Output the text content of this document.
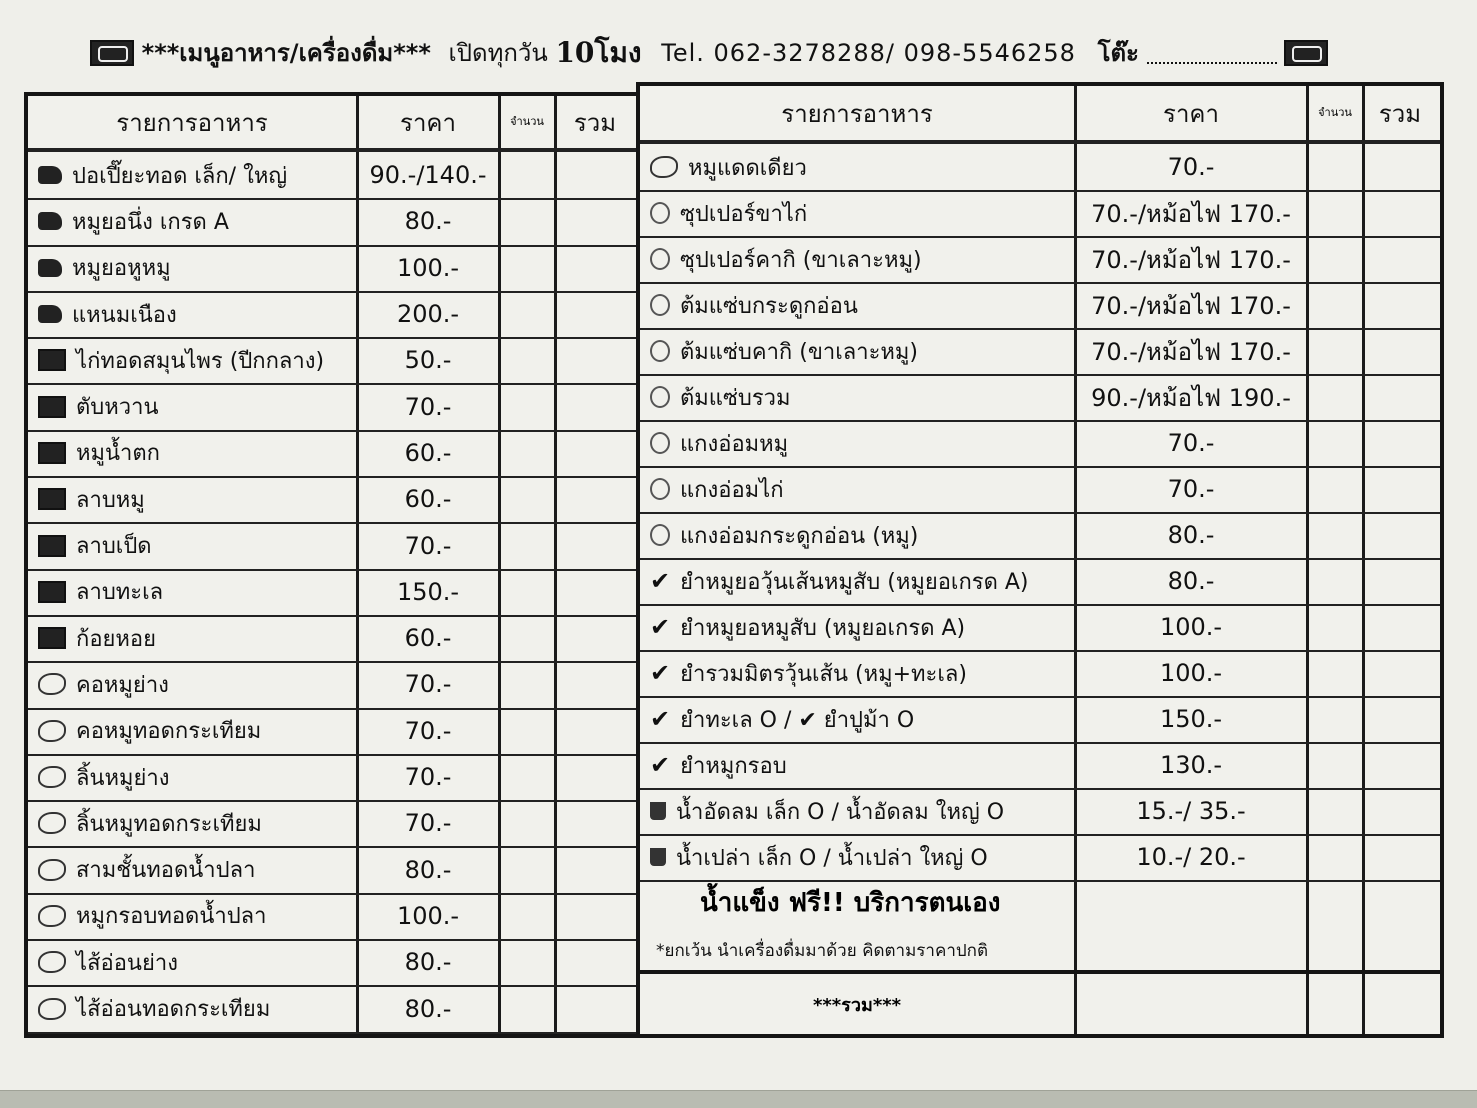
***เมนูอาหาร/เครื่องดื่ม*** เปิดทุกวัน 10โมง Tel. 062-3278288/ 098-5546258 โต๊ะ
รายการอาหาร	ราคา	จำนวน	รวม
ปอเปี๊ยะทอด เล็ก/ ใหญ่	90.-/140.-
หมูยอนึ่ง เกรด A	80.-
หมูยอหูหมู	100.-
แหนมเนือง	200.-
ไก่ทอดสมุนไพร (ปีกกลาง)	50.-
ตับหวาน	70.-
หมูน้ำตก	60.-
ลาบหมู	60.-
ลาบเป็ด	70.-
ลาบทะเล	150.-
ก้อยหอย	60.-
คอหมูย่าง	70.-
คอหมูทอดกระเทียม	70.-
ลิ้นหมูย่าง	70.-
ลิ้นหมูทอดกระเทียม	70.-
สามชั้นทอดน้ำปลา	80.-
หมูกรอบทอดน้ำปลา	100.-
ไส้อ่อนย่าง	80.-
ไส้อ่อนทอดกระเทียม	80.-
รายการอาหาร	ราคา	จำนวน	รวม
หมูแดดเดียว	70.-
ซุปเปอร์ขาไก่	70.-/หม้อไฟ 170.-
ซุปเปอร์คากิ (ขาเลาะหมู)	70.-/หม้อไฟ 170.-
ต้มแซ่บกระดูกอ่อน	70.-/หม้อไฟ 170.-
ต้มแซ่บคากิ (ขาเลาะหมู)	70.-/หม้อไฟ 170.-
ต้มแซ่บรวม	90.-/หม้อไฟ 190.-
แกงอ่อมหมู	70.-
แกงอ่อมไก่	70.-
แกงอ่อมกระดูกอ่อน (หมู)	80.-
✔ ยำหมูยอวุ้นเส้นหมูสับ (หมูยอเกรด A)	80.-
✔ ยำหมูยอหมูสับ (หมูยอเกรด A)	100.-
✔ ยำรวมมิตรวุ้นเส้น (หมู+ทะเล)	100.-
✔ ยำทะเล O / ✔ ยำปูม้า O	150.-
✔ ยำหมูกรอบ	130.-
น้ำอัดลม เล็ก O / น้ำอัดลม ใหญ่ O	15.-/ 35.-
น้ำเปล่า เล็ก O / น้ำเปล่า ใหญ่ O	10.-/ 20.-
น้ำแข็ง ฟรี!! บริการตนเอง
*ยกเว้น นำเครื่องดื่มมาด้วย คิดตามราคาปกติ
***รวม***
